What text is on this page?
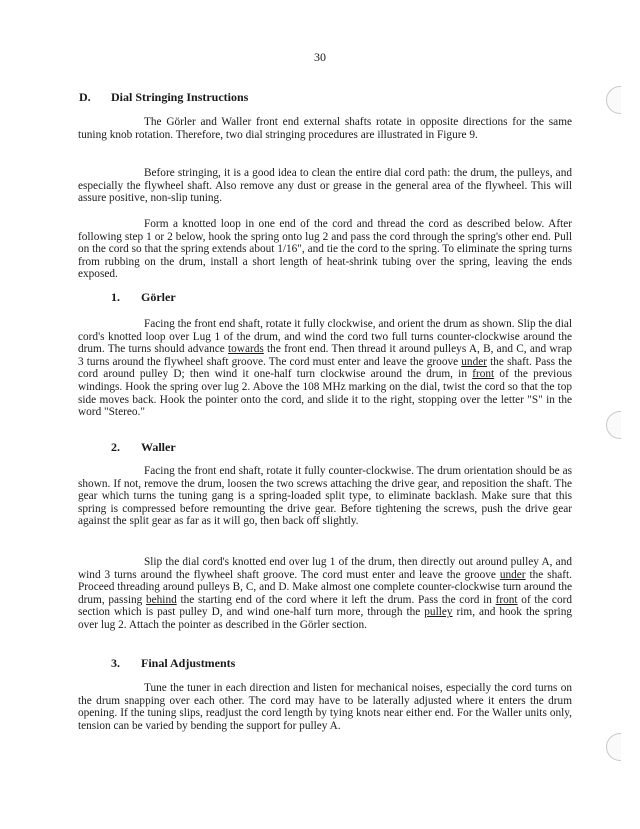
30
D. Dial Stringing Instructions

The Görler and Waller front end external shafts rotate in opposite directions for the same tuning knob rotation. Therefore, two dial stringing procedures are illustrated in Figure 9.

Before stringing, it is a good idea to clean the entire dial cord path: the drum, the pulleys, and especially the flywheel shaft. Also remove any dust or grease in the general area of the flywheel. This will assure positive, non-slip tuning.

Form a knotted loop in one end of the cord and thread the cord as described below. After following step 1 or 2 below, hook the spring onto lug 2 and pass the cord through the spring's other end. Pull on the cord so that the spring extends about 1/16", and tie the cord to the spring. To eliminate the spring turns from rubbing on the drum, install a short length of heat-shrink tubing over the spring, leaving the ends exposed.

1. Görler

Facing the front end shaft, rotate it fully clockwise, and orient the drum as shown. Slip the dial cord's knotted loop over Lug 1 of the drum, and wind the cord two full turns counter-clockwise around the drum. The turns should advance towards the front end. Then thread it around pulleys A, B, and C, and wrap 3 turns around the flywheel shaft groove. The cord must enter and leave the groove under the shaft. Pass the cord around pulley D; then wind it one-half turn clockwise around the drum, in front of the previous windings. Hook the spring over lug 2. Above the 108 MHz marking on the dial, twist the cord so that the top side moves back. Hook the pointer onto the cord, and slide it to the right, stopping over the letter "S" in the word "Stereo."

2. Waller

Facing the front end shaft, rotate it fully counter-clockwise. The drum orientation should be as shown. If not, remove the drum, loosen the two screws attaching the drive gear, and reposition the shaft. The gear which turns the tuning gang is a spring-loaded split type, to eliminate backlash. Make sure that this spring is compressed before remounting the drive gear. Before tightening the screws, push the drive gear against the split gear as far as it will go, then back off slightly.

Slip the dial cord's knotted end over lug 1 of the drum, then directly out around pulley A, and wind 3 turns around the flywheel shaft groove. The cord must enter and leave the groove under the shaft. Proceed threading around pulleys B, C, and D. Make almost one complete counter-clockwise turn around the drum, passing behind the starting end of the cord where it left the drum. Pass the cord in front of the cord section which is past pulley D, and wind one-half turn more, through the pulley rim, and hook the spring over lug 2. Attach the pointer as described in the Görler section.

3. Final Adjustments

Tune the tuner in each direction and listen for mechanical noises, especially the cord turns on the drum snapping over each other. The cord may have to be laterally adjusted where it enters the drum opening. If the tuning slips, readjust the cord length by tying knots near either end. For the Waller units only, tension can be varied by bending the support for pulley A.
